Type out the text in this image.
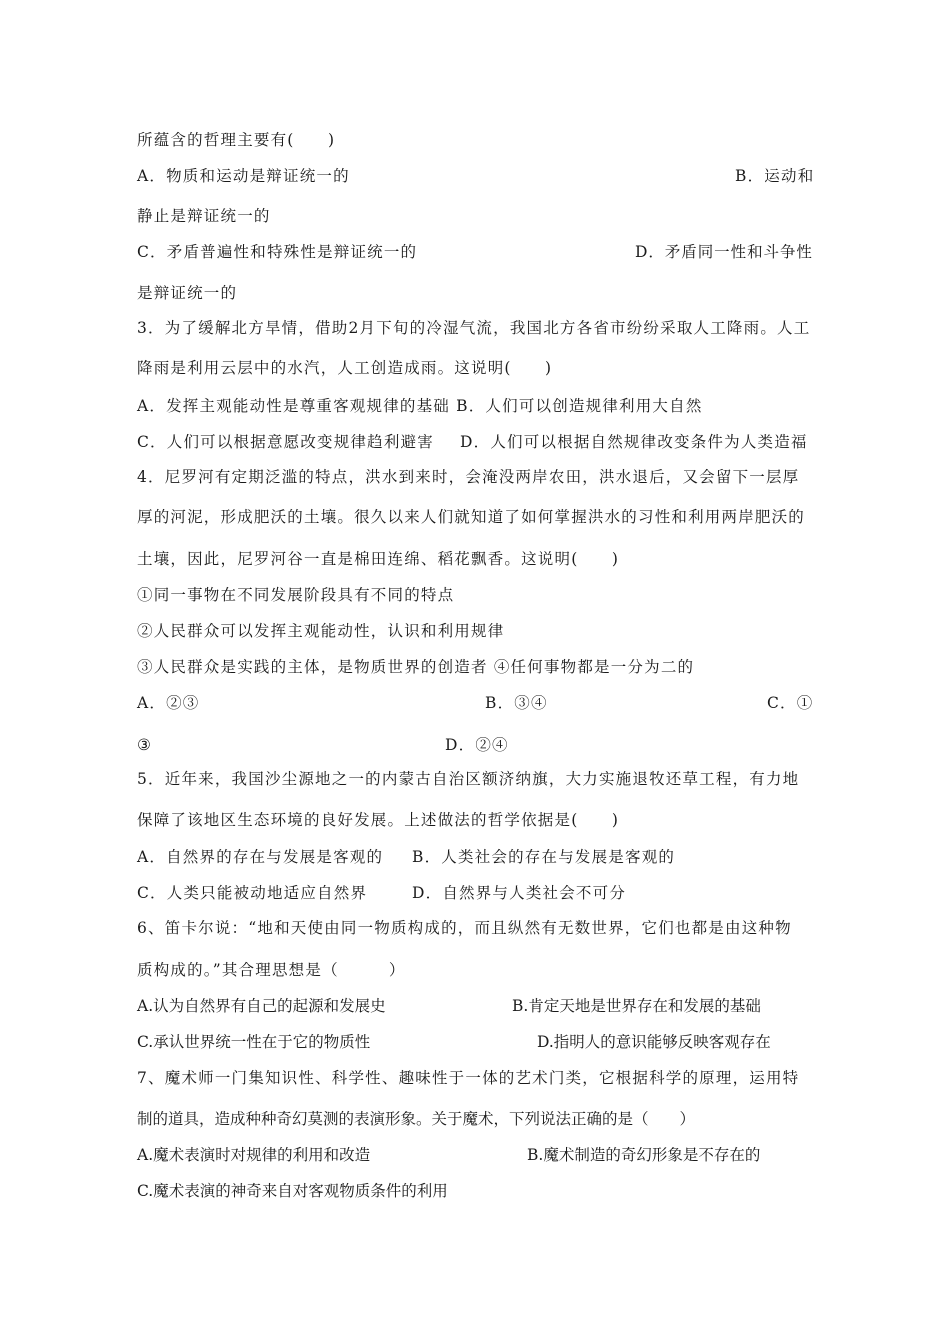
所蕴含的哲理主要有(　　)
A．物质和运动是辩证统一的	B．运动和
静止是辩证统一的
C．矛盾普遍性和特殊性是辩证统一的	D．矛盾同一性和斗争性
是辩证统一的
3．为了缓解北方旱情，借助2月下旬的冷湿气流，我国北方各省市纷纷采取人工降雨。人工
降雨是利用云层中的水汽，人工创造成雨。这说明(　　)
A．发挥主观能动性是尊重客观规律的基础 B．人们可以创造规律利用大自然
C．人们可以根据意愿改变规律趋利避害 D．人们可以根据自然规律改变条件为人类造福
4．尼罗河有定期泛滥的特点，洪水到来时，会淹没两岸农田，洪水退后，又会留下一层厚
厚的河泥，形成肥沃的土壤。很久以来人们就知道了如何掌握洪水的习性和利用两岸肥沃的
土壤，因此，尼罗河谷一直是棉田连绵、稻花飘香。这说明(　　)
①同一事物在不同发展阶段具有不同的特点
②人民群众可以发挥主观能动性，认识和利用规律
③人民群众是实践的主体，是物质世界的创造者 ④任何事物都是一分为二的
A．②③	B．③④	C．①
③	D．②④
5．近年来，我国沙尘源地之一的内蒙古自治区额济纳旗，大力实施退牧还草工程，有力地
保障了该地区生态环境的良好发展。上述做法的哲学依据是(　　)
A．自然界的存在与发展是客观的 B．人类社会的存在与发展是客观的
C．人类只能被动地适应自然界	D．自然界与人类社会不可分
6、笛卡尔说：“地和天使由同一物质构成的，而且纵然有无数世界，它们也都是由这种物
质构成的。”其合理思想是（　　　）
A.认为自然界有自己的起源和发展史	B.肯定天地是世界存在和发展的基础
C.承认世界统一性在于它的物质性	D.指明人的意识能够反映客观存在
7、魔术师一门集知识性、科学性、趣味性于一体的艺术门类，它根据科学的原理，运用特
制的道具，造成种种奇幻莫测的表演形象。关于魔术，下列说法正确的是（　　）
A.魔术表演时对规律的利用和改造	B.魔术制造的奇幻形象是不存在的
C.魔术表演的神奇来自对客观物质条件的利用
